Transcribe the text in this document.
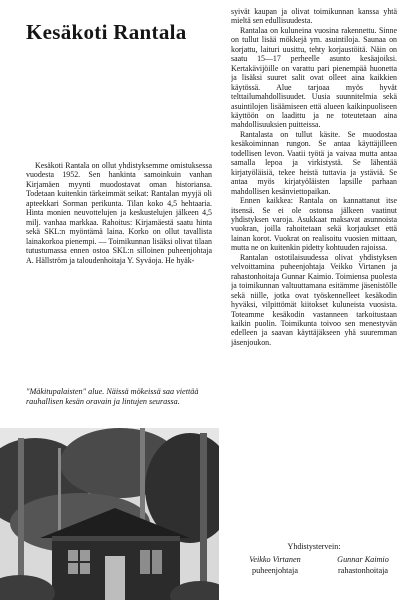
Kesäkoti Rantala

Kesäkoti Rantala on ollut yhdistyksemme omistuksessa vuodesta 1952. Sen hankinta samoinkuin vanhan Kirjamäen myynti muodostavat oman historiansa. Todetaan kuitenkin tärkeimmät seikat: Rantalan myyjä oli apteekkari Sorman perikunta. Tilan koko 4,5 hehtaaria. Hinta monien neuvottelujen ja keskustelujen jälkeen 4,5 milj. vanhaa markkaa. Rahoitus: Kirjamäestä saatu hinta sekä SKL:n myöntämä laina. Korko on ollut tavallista lainakorkoa pienempi. — Toimikunnan lisäksi olivat tilaan tutustumassa ennen ostoa SKL:n silloinen puheenjohtaja A. Hällström ja taloudenhoitaja Y. Syväoja. He hyäk-

"Mäkitupalaisten" alue. Näissä mökeissä saa viettää rauhallisen kesän oravain ja lintujen seurassa.

syivät kaupan ja olivat toimikunnan kanssa yhtä mieltä sen edullisuudesta.

Rantalaa on kuluneina vuosina rakennettu. Sinne on tullut lisää mökkejä ym. asuintiloja. Saunaa on korjattu, laituri uusittu, tehty korjaustöitä. Näin on saatu 15—17 perheelle asunto kesäajoiksi. Kertakävijöille on varattu pari pienempää huonetta ja lisäksi suuret salit ovat olleet aina kaikkien käytössä. Alue tarjoaa myös hyvät telttailumahdollisuudet. Uusia suunnitelmia sekä asuintilojen lisäämiseen että alueen kaikinpuoliseen käyttöön on laadittu ja ne toteutetaan aina mahdollisuuksien puitteissa.

Rantalasta on tullut käsite. Se muodostaa kesäkoiminnan rungon. Se antaa käyttäjilleen todellisen levon. Vaatii työtä ja vaivaa mutta antaa samalla lepoa ja virkistystä. Se lähentää kirjatyöläisiä, tekee heistä tuttavia ja ystäviä. Se antaa myös kirjatyöläisten lapsille parhaan mahdollisen kesänviettopaikan.

Ennen kaikkea: Rantala on kannattanut itse itsensä. Se ei ole ostonsa jälkeen vaatinut yhdistyksen varoja. Asukkaat maksavat asunnoista vuokran, joilla rahoitetaan sekä korjaukset että lainan korot. Vuokrat on realisoitu vuosien mittaan, mutta ne on kuitenkin pidetty kohtuuden rajoissa.

Rantalan ostotilaisuudessa olivat yhdistyksen velvoittamina puheenjohtaja Veikko Virtanen ja rahastonhoitaja Gunnar Kaimio. Toimiensa puolesta ja toimikunnan valtuuttamana esitämme jäsenistölle sekä niille, jotka ovat työskennelleet kesäkodin hyväksi, vilpittömät kiitokset kuluneista vuosista. Toteamme kesäkodin vastanneen tarkoitustaan kaikin puolin. Toimikunta toivoo sen menestyvän edelleen ja saavan käyttäjäkseen yhä suuremman jäsenjoukon.

Yhdistystervein:

Veikko Virtanen
puheenjohtaja
Gunnar Kaimio
rahastonhoitaja
